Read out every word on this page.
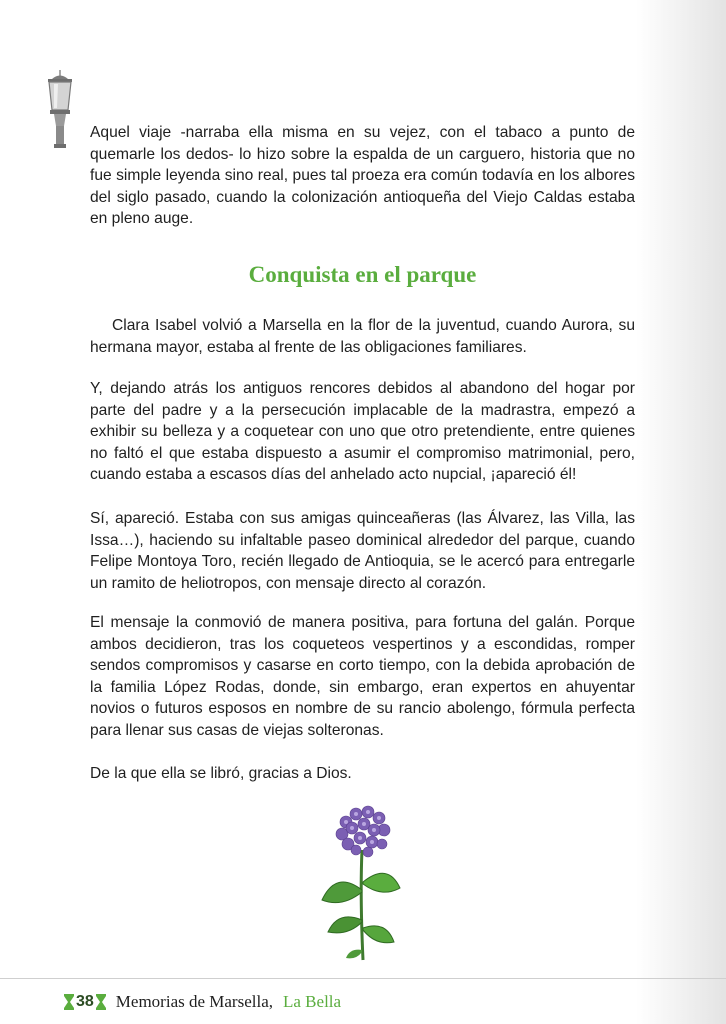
Aquel viaje -narraba ella misma en su vejez, con el tabaco a punto de quemarle los dedos- lo hizo sobre la espalda de un carguero, historia que no fue simple leyenda sino real, pues tal proeza era común todavía en los albores del siglo pasado, cuando la colonización antioqueña del Viejo Caldas estaba en pleno auge.

Conquista en el parque

Clara Isabel volvió a Marsella en la flor de la juventud, cuando Aurora, su hermana mayor, estaba al frente de las obligaciones familiares.

Y, dejando atrás los antiguos rencores debidos al abandono del hogar por parte del padre y a la persecución implacable de la madrastra, empezó a exhibir su belleza y a coquetear con uno que otro pretendiente, entre quienes no faltó el que estaba dispuesto a asumir el compromiso matrimonial, pero, cuando estaba a escasos días del anhelado acto nupcial, ¡apareció él!

Sí, apareció. Estaba con sus amigas quinceañeras (las Álvarez, las Villa, las Issa…), haciendo su infaltable paseo dominical alrededor del parque, cuando Felipe Montoya Toro, recién llegado de Antioquia, se le acercó para entregarle un ramito de heliotropos, con mensaje directo al corazón.

El mensaje la conmovió de manera positiva, para fortuna del galán. Porque ambos decidieron, tras los coqueteos vespertinos y a escondidas, romper sendos compromisos y casarse en corto tiempo, con la debida aprobación de la familia López Rodas, donde, sin embargo, eran expertos en ahuyentar novios o futuros esposos en nombre de su rancio abolengo, fórmula perfecta para llenar sus casas de viejas solteronas.

De la que ella se libró, gracias a Dios.

38 Memorias de Marsella, La Bella
